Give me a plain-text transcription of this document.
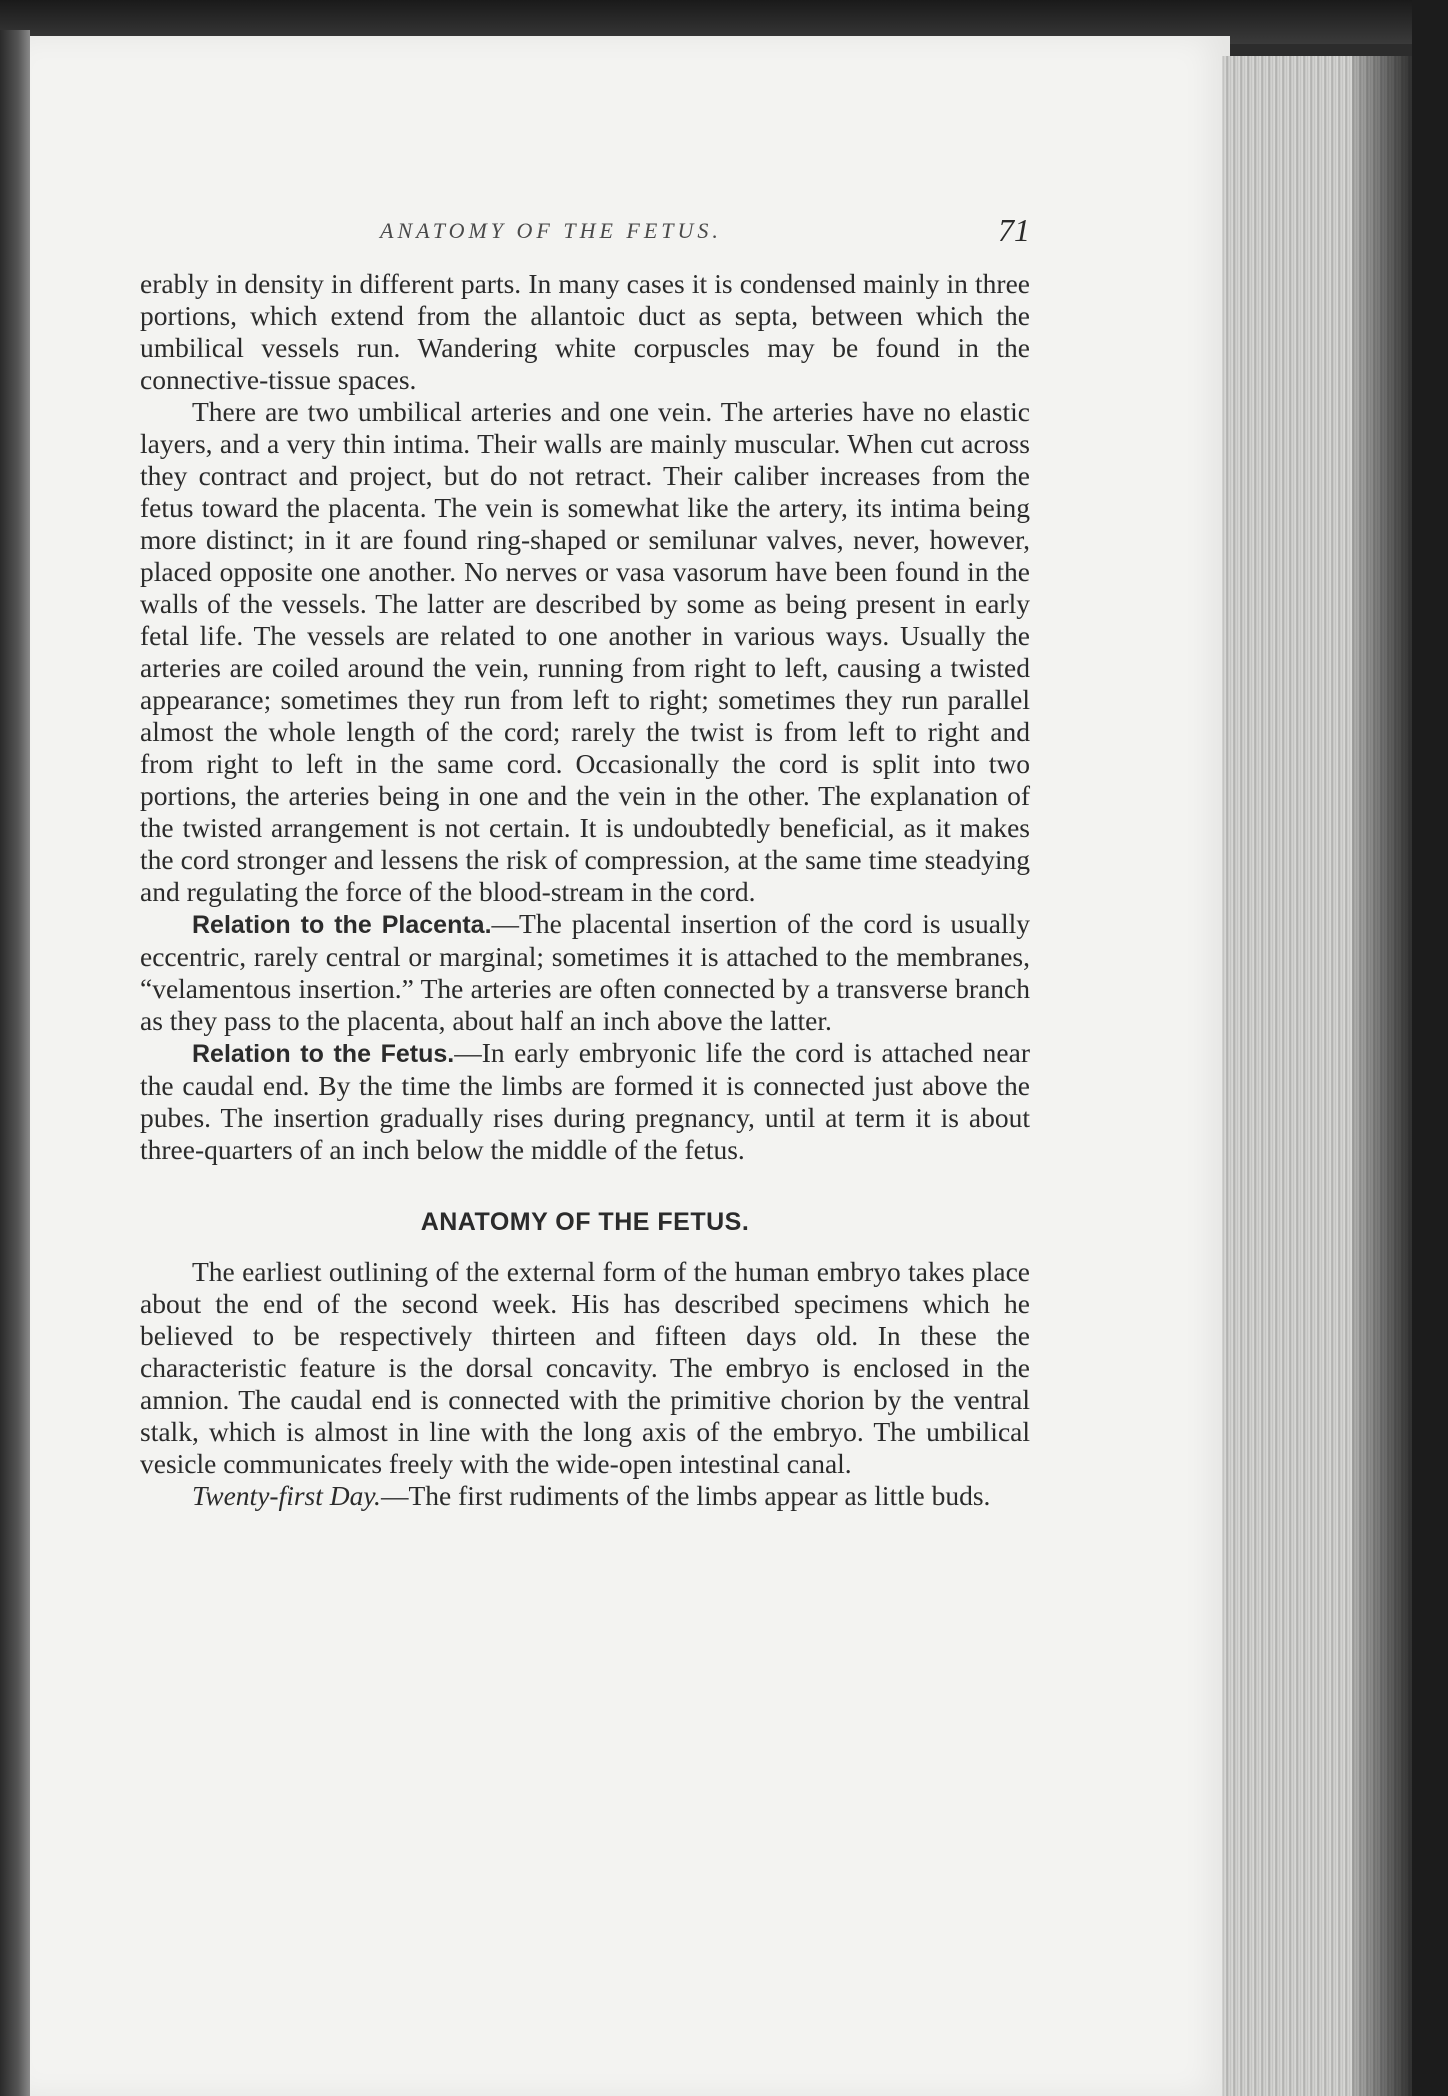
ANATOMY OF THE FETUS.	71

erably in density in different parts. In many cases it is condensed mainly in three portions, which extend from the allantoic duct as septa, between which the umbilical vessels run. Wandering white corpuscles may be found in the connective-tissue spaces.

There are two umbilical arteries and one vein. The arteries have no elastic layers, and a very thin intima. Their walls are mainly muscular. When cut across they contract and project, but do not retract. Their caliber increases from the fetus toward the placenta. The vein is somewhat like the artery, its intima being more distinct; in it are found ring-shaped or semilunar valves, never, however, placed opposite one another. No nerves or vasa vasorum have been found in the walls of the vessels. The latter are described by some as being present in early fetal life. The vessels are related to one another in various ways. Usually the arteries are coiled around the vein, running from right to left, causing a twisted appearance; sometimes they run from left to right; sometimes they run parallel almost the whole length of the cord; rarely the twist is from left to right and from right to left in the same cord. Occasionally the cord is split into two portions, the arteries being in one and the vein in the other. The explanation of the twisted arrangement is not certain. It is undoubtedly beneficial, as it makes the cord stronger and lessens the risk of compression, at the same time steadying and regulating the force of the blood-stream in the cord.

Relation to the Placenta.—The placental insertion of the cord is usually eccentric, rarely central or marginal; sometimes it is attached to the membranes, “velamentous insertion.” The arteries are often connected by a transverse branch as they pass to the placenta, about half an inch above the latter.

Relation to the Fetus.—In early embryonic life the cord is attached near the caudal end. By the time the limbs are formed it is connected just above the pubes. The insertion gradually rises during pregnancy, until at term it is about three-quarters of an inch below the middle of the fetus.

ANATOMY OF THE FETUS.

The earliest outlining of the external form of the human embryo takes place about the end of the second week. His has described specimens which he believed to be respectively thirteen and fifteen days old. In these the characteristic feature is the dorsal concavity. The embryo is enclosed in the amnion. The caudal end is connected with the primitive chorion by the ventral stalk, which is almost in line with the long axis of the embryo. The umbilical vesicle communicates freely with the wide-open intestinal canal.

Twenty-first Day.—The first rudiments of the limbs appear as little buds.
